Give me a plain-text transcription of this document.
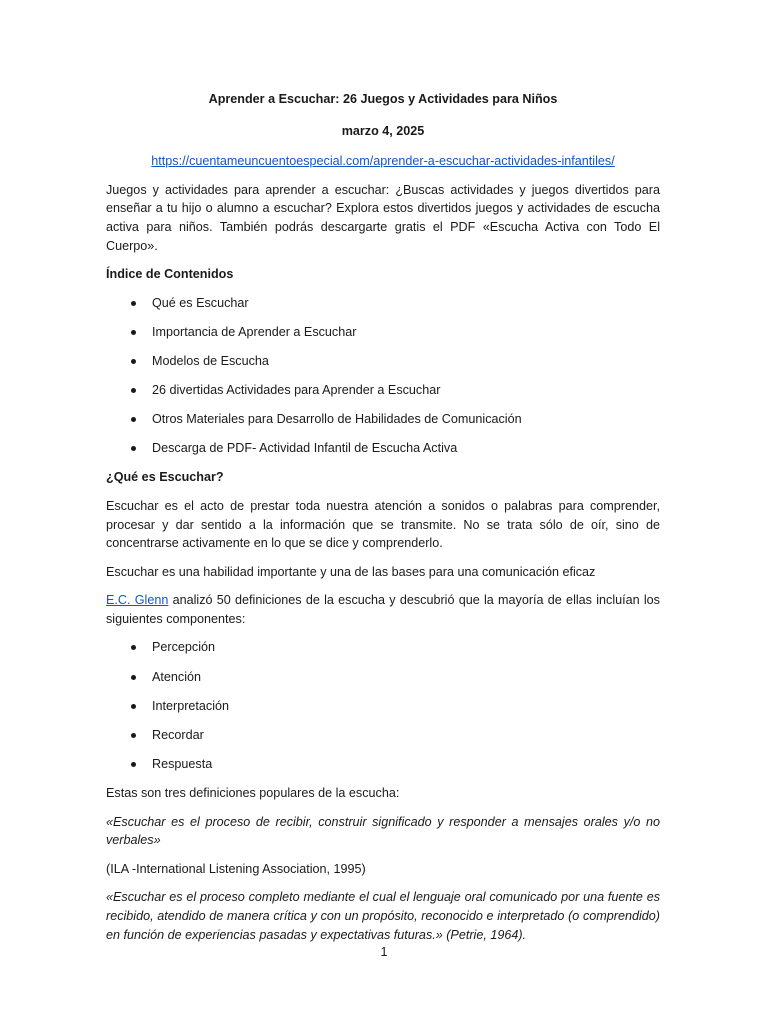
Aprender a Escuchar: 26 Juegos y Actividades para Niños
marzo 4, 2025
https://cuentameuncuentoespecial.com/aprender-a-escuchar-actividades-infantiles/

Juegos y actividades para aprender a escuchar: ¿Buscas actividades y juegos divertidos para enseñar a tu hijo o alumno a escuchar? Explora estos divertidos juegos y actividades de escucha activa para niños. También podrás descargarte gratis el PDF «Escucha Activa con Todo El Cuerpo».

Índice de Contenidos
Qué es Escuchar
Importancia de Aprender a Escuchar
Modelos de Escucha
26 divertidas Actividades para Aprender a Escuchar
Otros Materiales para Desarrollo de Habilidades de Comunicación
Descarga de PDF- Actividad Infantil de Escucha Activa
¿Qué es Escuchar?

Escuchar es el acto de prestar toda nuestra atención a sonidos o palabras para comprender, procesar y dar sentido a la información que se transmite. No se trata sólo de oír, sino de concentrarse activamente en lo que se dice y comprenderlo.

Escuchar es una habilidad importante y una de las bases para una comunicación eficaz

E.C. Glenn analizó 50 definiciones de la escucha y descubrió que la mayoría de ellas incluían los siguientes componentes:

Percepción
Atención
Interpretación
Recordar
Respuesta

Estas son tres definiciones populares de la escucha:

«Escuchar es el proceso de recibir, construir significado y responder a mensajes orales y/o no verbales»

(ILA -International Listening Association, 1995)

«Escuchar es el proceso completo mediante el cual el lenguaje oral comunicado por una fuente es recibido, atendido de manera crítica y con un propósito, reconocido e interpretado (o comprendido) en función de experiencias pasadas y expectativas futuras.» (Petrie, 1964).

1
